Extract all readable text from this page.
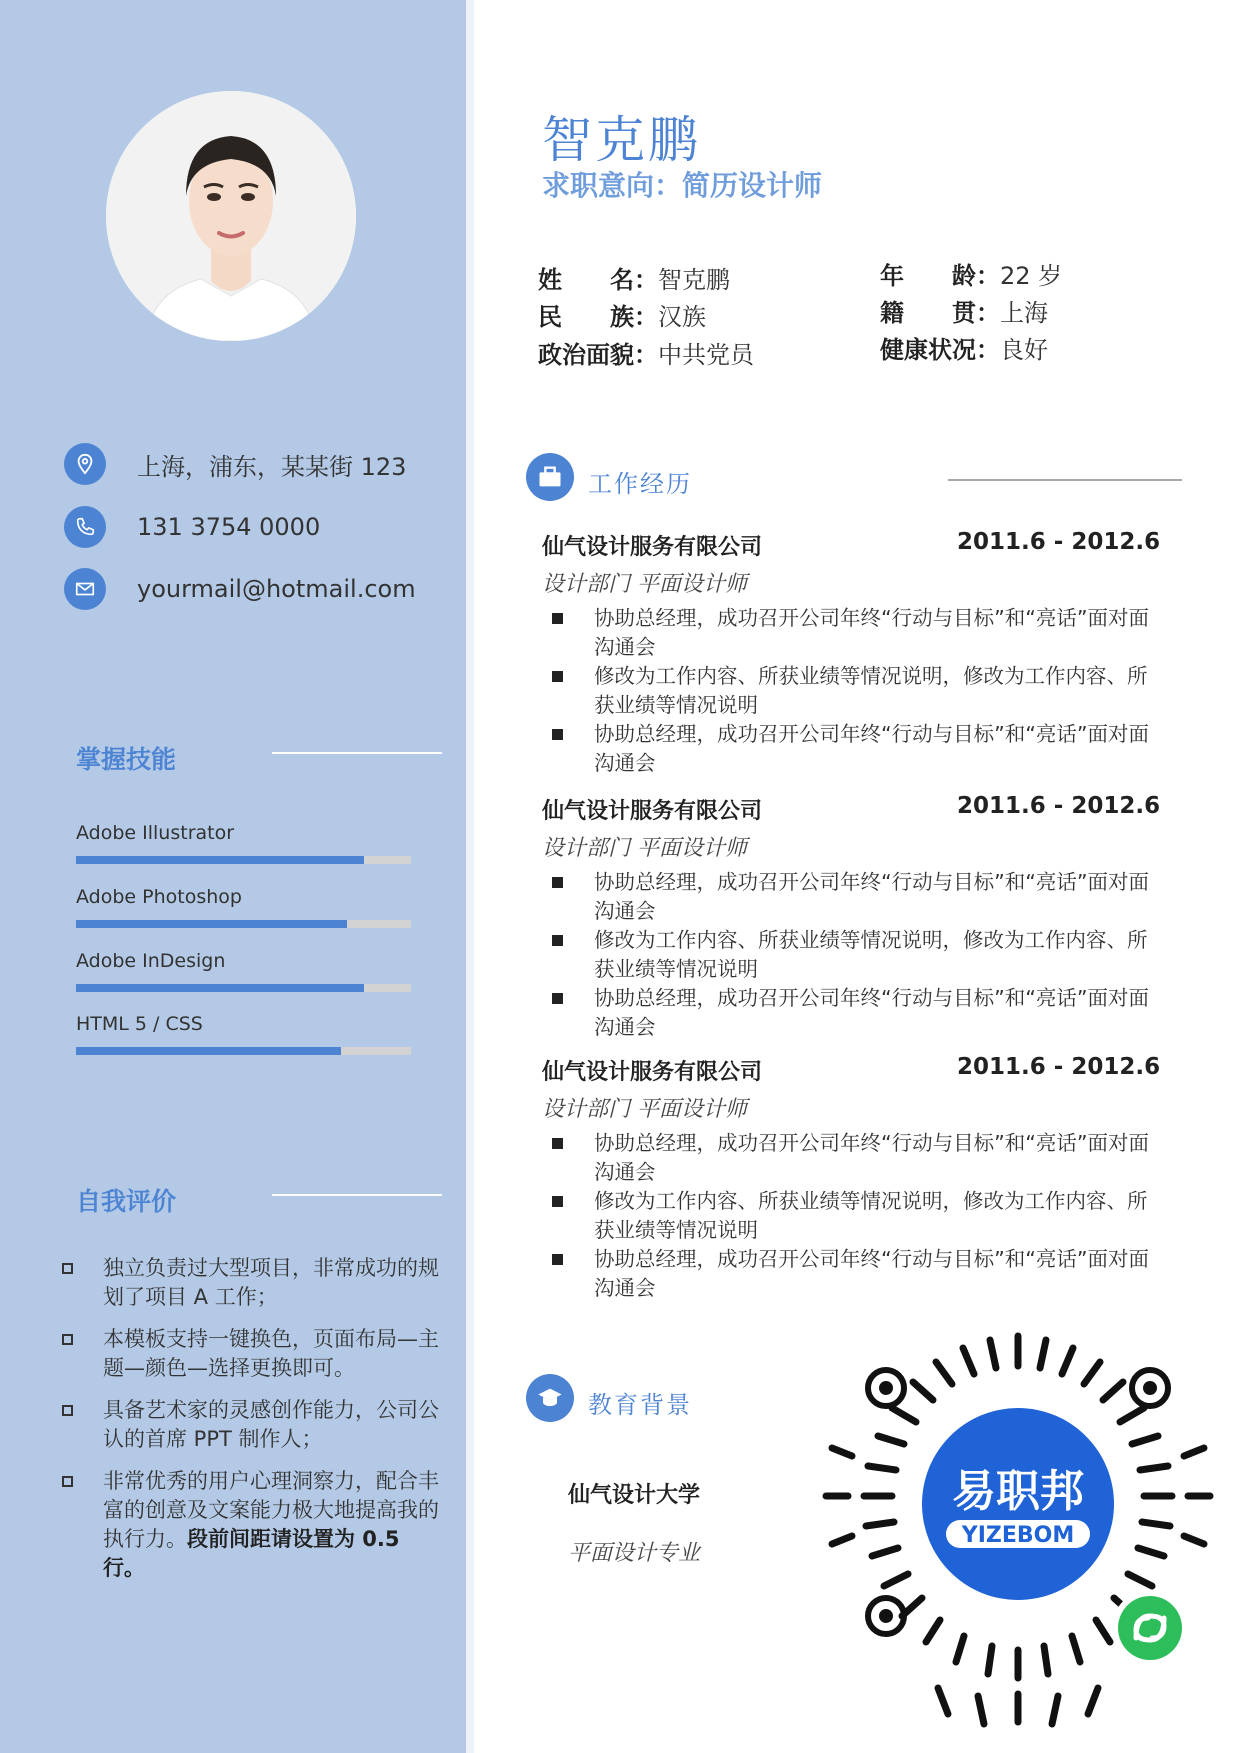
上海，浦东，某某街 123
131 3754 0000
yourmail@hotmail.com
掌握技能
Adobe Illustrator
Adobe Photoshop
Adobe InDesign
HTML 5 / CSS
自我评价
独立负责过大型项目，非常成功的规划了项目 A 工作；
本模板支持一键换色，页面布局—主题—颜色—选择更换即可。
具备艺术家的灵感创作能力，公司公认的首席 PPT 制作人；
非常优秀的用户心理洞察力，配合丰富的创意及文案能力极大地提高我的执行力。段前间距请设置为 0.5 行。
智克鹏
求职意向：简历设计师
姓　　名：智克鹏	年　　龄：22 岁
民　　族：汉族	籍　　贯：上海
政治面貌：中共党员	健康状况：良好
工作经历
仙气设计服务有限公司	2011.6 - 2012.6
设计部门 平面设计师
协助总经理，成功召开公司年终“行动与目标”和“亮话”面对面沟通会
修改为工作内容、所获业绩等情况说明，修改为工作内容、所获业绩等情况说明
协助总经理，成功召开公司年终“行动与目标”和“亮话”面对面沟通会
仙气设计服务有限公司	2011.6 - 2012.6
设计部门 平面设计师
协助总经理，成功召开公司年终“行动与目标”和“亮话”面对面沟通会
修改为工作内容、所获业绩等情况说明，修改为工作内容、所获业绩等情况说明
协助总经理，成功召开公司年终“行动与目标”和“亮话”面对面沟通会
仙气设计服务有限公司	2011.6 - 2012.6
设计部门 平面设计师
协助总经理，成功召开公司年终“行动与目标”和“亮话”面对面沟通会
修改为工作内容、所获业绩等情况说明，修改为工作内容、所获业绩等情况说明
协助总经理，成功召开公司年终“行动与目标”和“亮话”面对面沟通会
教育背景
仙气设计大学
平面设计专业
易职邦
YIZEBOM
